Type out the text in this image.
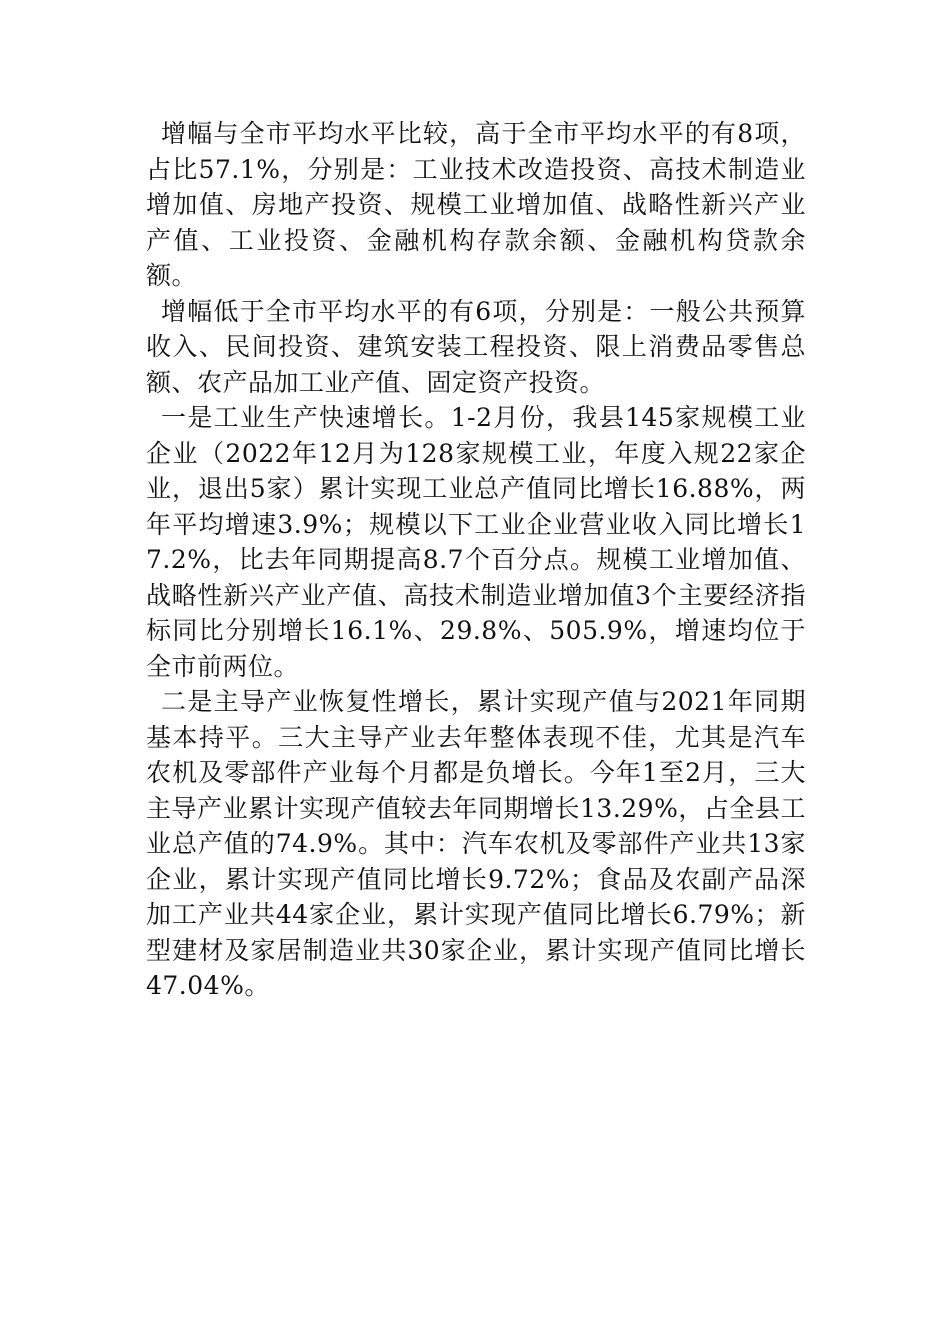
增幅与全市平均水平比较，高于全市平均水平的有8项，占比57.1%，分别是：工业技术改造投资、高技术制造业增加值、房地产投资、规模工业增加值、战略性新兴产业产值、工业投资、金融机构存款余额、金融机构贷款余额。

增幅低于全市平均水平的有6项，分别是：一般公共预算收入、民间投资、建筑安装工程投资、限上消费品零售总额、农产品加工业产值、固定资产投资。

一是工业生产快速增长。1-2月份，我县145家规模工业企业（2022年12月为128家规模工业，年度入规22家企业，退出5家）累计实现工业总产值同比增长16.88%，两年平均增速3.9%；规模以下工业企业营业收入同比增长17.2%，比去年同期提高8.7个百分点。规模工业增加值、战略性新兴产业产值、高技术制造业增加值3个主要经济指标同比分别增长16.1%、29.8%、505.9%，增速均位于全市前两位。

二是主导产业恢复性增长，累计实现产值与2021年同期基本持平。三大主导产业去年整体表现不佳，尤其是汽车农机及零部件产业每个月都是负增长。今年1至2月，三大主导产业累计实现产值较去年同期增长13.29%，占全县工业总产值的74.9%。其中：汽车农机及零部件产业共13家企业，累计实现产值同比增长9.72%；食品及农副产品深加工产业共44家企业，累计实现产值同比增长6.79%；新型建材及家居制造业共30家企业，累计实现产值同比增长47.04%。
